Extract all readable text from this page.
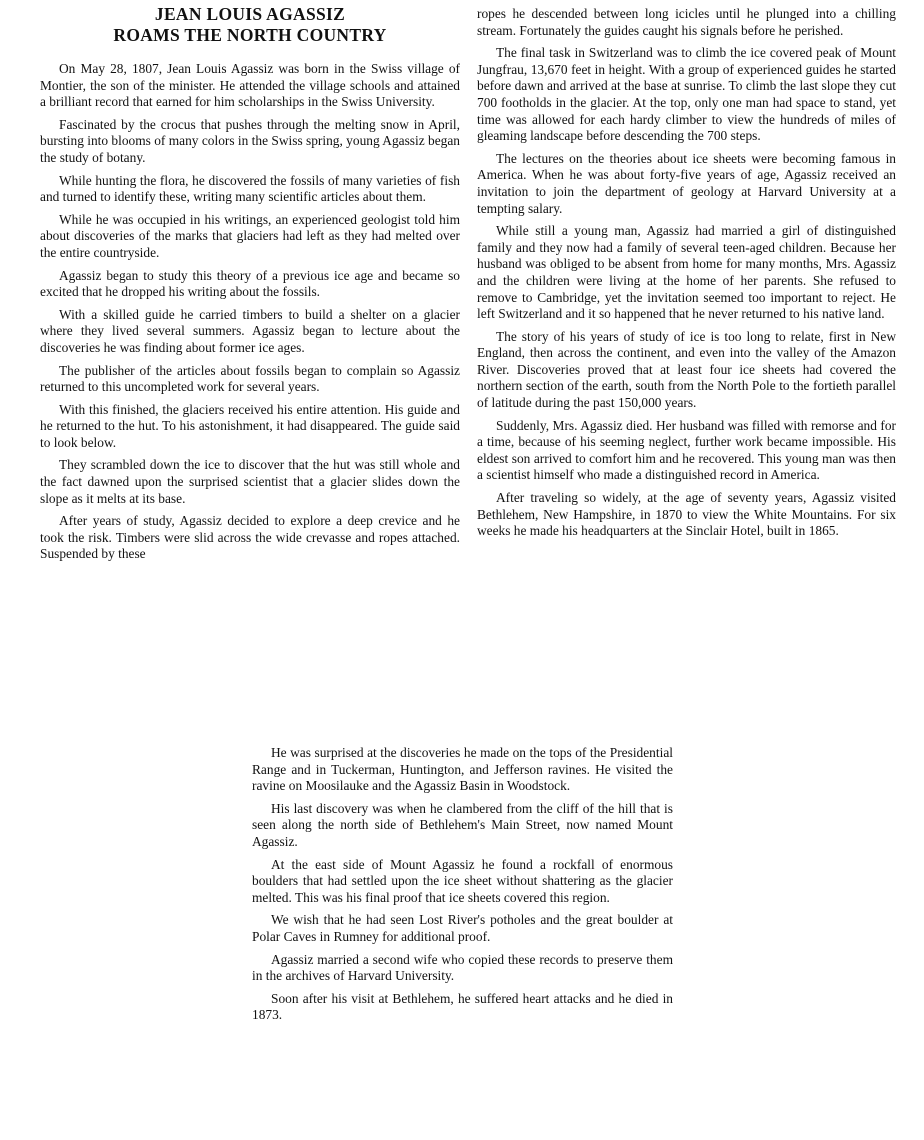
JEAN LOUIS AGASSIZ
ROAMS THE NORTH COUNTRY

On May 28, 1807, Jean Louis Agassiz was born in the Swiss village of Montier, the son of the minister. He attended the village schools and attained a brilliant record that earned for him scholarships in the Swiss University.

Fascinated by the crocus that pushes through the melting snow in April, bursting into blooms of many colors in the Swiss spring, young Agassiz began the study of botany.

While hunting the flora, he discovered the fossils of many varieties of fish and turned to identify these, writing many scientific articles about them.

While he was occupied in his writings, an experienced geologist told him about discoveries of the marks that glaciers had left as they had melted over the entire countryside.

Agassiz began to study this theory of a previous ice age and became so excited that he dropped his writing about the fossils.

With a skilled guide he carried timbers to build a shelter on a glacier where they lived several summers. Agassiz began to lecture about the discoveries he was finding about former ice ages.

The publisher of the articles about fossils began to complain so Agassiz returned to this uncompleted work for several years.

With this finished, the glaciers received his entire attention. His guide and he returned to the hut. To his astonishment, it had disappeared. The guide said to look below.

They scrambled down the ice to discover that the hut was still whole and the fact dawned upon the surprised scientist that a glacier slides down the slope as it melts at its base.

After years of study, Agassiz decided to explore a deep crevice and he took the risk. Timbers were slid across the wide crevasse and ropes attached. Suspended by these

ropes he descended between long icicles until he plunged into a chilling stream. Fortunately the guides caught his signals before he perished.

The final task in Switzerland was to climb the ice covered peak of Mount Jungfrau, 13,670 feet in height. With a group of experienced guides he started before dawn and arrived at the base at sunrise. To climb the last slope they cut 700 footholds in the glacier. At the top, only one man had space to stand, yet time was allowed for each hardy climber to view the hundreds of miles of gleaming landscape before descending the 700 steps.

The lectures on the theories about ice sheets were becoming famous in America. When he was about forty-five years of age, Agassiz received an invitation to join the department of geology at Harvard University at a tempting salary.

While still a young man, Agassiz had married a girl of distinguished family and they now had a family of several teen-aged children. Because her husband was obliged to be absent from home for many months, Mrs. Agassiz and the children were living at the home of her parents. She refused to remove to Cambridge, yet the invitation seemed too important to reject. He left Switzerland and it so happened that he never returned to his native land.

The story of his years of study of ice is too long to relate, first in New England, then across the continent, and even into the valley of the Amazon River. Discoveries proved that at least four ice sheets had covered the northern section of the earth, south from the North Pole to the fortieth parallel of latitude during the past 150,000 years.

Suddenly, Mrs. Agassiz died. Her husband was filled with remorse and for a time, because of his seeming neglect, further work became impossible. His eldest son arrived to comfort him and he recovered. This young man was then a scientist himself who made a distinguished record in America.

After traveling so widely, at the age of seventy years, Agassiz visited Bethlehem, New Hampshire, in 1870 to view the White Mountains. For six weeks he made his headquarters at the Sinclair Hotel, built in 1865.

He was surprised at the discoveries he made on the tops of the Presidential Range and in Tuckerman, Huntington, and Jefferson ravines. He visited the ravine on Moosilauke and the Agassiz Basin in Woodstock.

His last discovery was when he clambered from the cliff of the hill that is seen along the north side of Bethlehem's Main Street, now named Mount Agassiz.

At the east side of Mount Agassiz he found a rockfall of enormous boulders that had settled upon the ice sheet without shattering as the glacier melted. This was his final proof that ice sheets covered this region.

We wish that he had seen Lost River's potholes and the great boulder at Polar Caves in Rumney for additional proof.

Agassiz married a second wife who copied these records to preserve them in the archives of Harvard University.

Soon after his visit at Bethlehem, he suffered heart attacks and he died in 1873.
